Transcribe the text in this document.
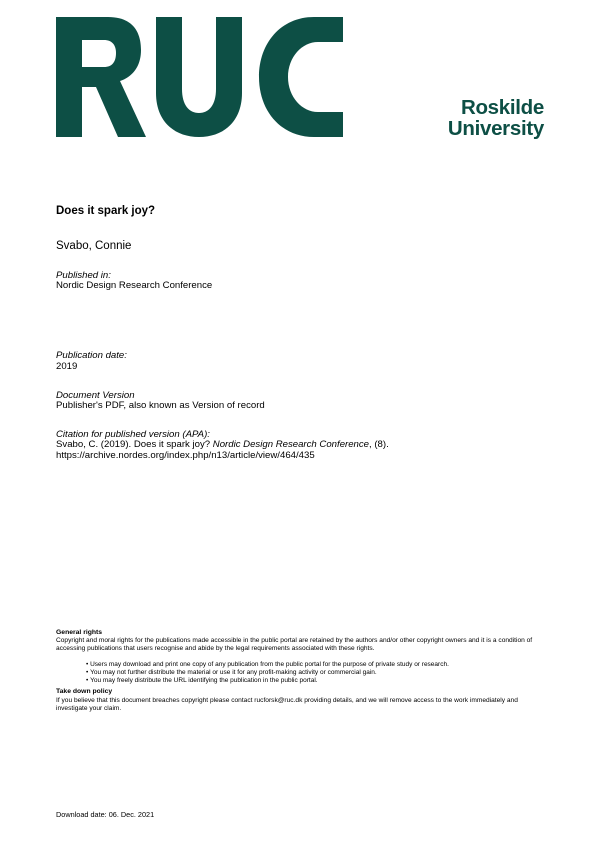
Roskilde
University
Does it spark joy?
Svabo, Connie
Published in:
Nordic Design Research Conference
Publication date:
2019
Document Version
Publisher's PDF, also known as Version of record
Citation for published version (APA):
Svabo, C. (2019). Does it spark joy? Nordic Design Research Conference, (8).
https://archive.nordes.org/index.php/n13/article/view/464/435
General rights
Copyright and moral rights for the publications made accessible in the public portal are retained by the authors and/or other copyright owners and it is a condition of accessing publications that users recognise and abide by the legal requirements associated with these rights.
• Users may download and print one copy of any publication from the public portal for the purpose of private study or research.
• You may not further distribute the material or use it for any profit-making activity or commercial gain.
• You may freely distribute the URL identifying the publication in the public portal.
Take down policy
If you believe that this document breaches copyright please contact rucforsk@ruc.dk providing details, and we will remove access to the work immediately and investigate your claim.
Download date: 06. Dec. 2021
